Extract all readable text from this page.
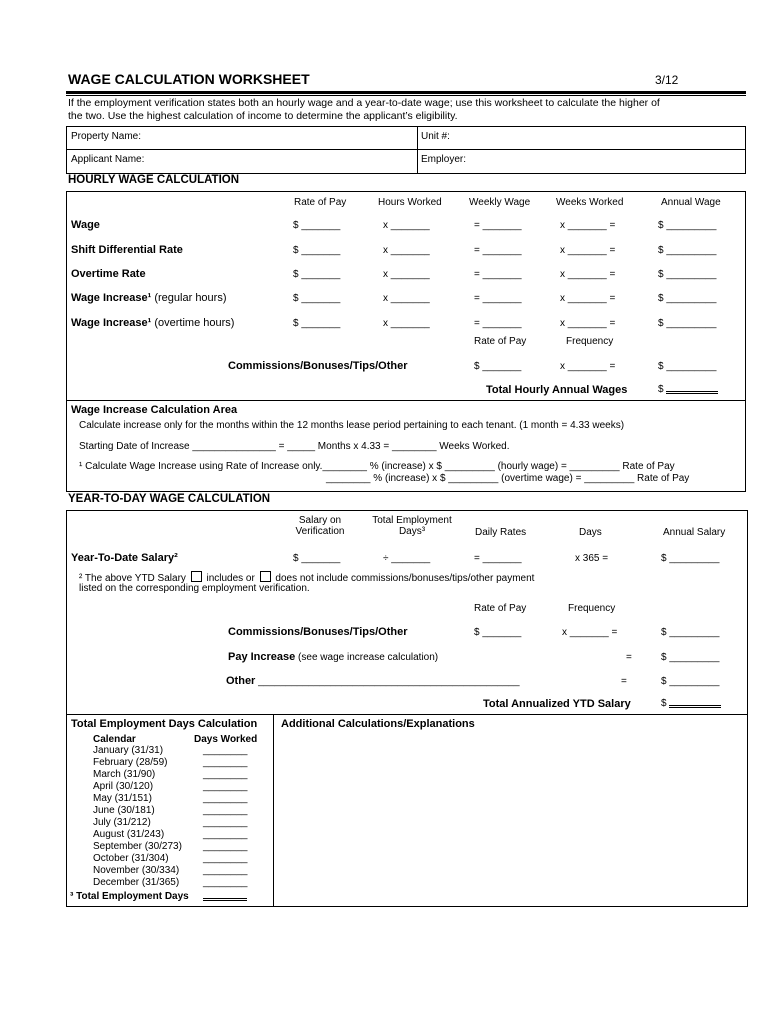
WAGE CALCULATION WORKSHEET	3/12
If the employment verification states both an hourly wage and a year-to-date wage; use this worksheet to calculate the higher of
the two. Use the highest calculation of income to determine the applicant’s eligibility.
Property Name:	Unit #:
Applicant Name:	Employer:
HOURLY WAGE CALCULATION
Rate of Pay	Hours Worked	Weekly Wage	Weeks Worked	Annual Wage
Wage	$ _______	x _______	= _______	x _______ =	$ _________
Shift Differential Rate	$ _______	x _______	= _______	x _______ =	$ _________
Overtime Rate	$ _______	x _______	= _______	x _______ =	$ _________
Wage Increase¹ (regular hours)	$ _______	x _______	= _______	x _______ =	$ _________
Wage Increase¹ (overtime hours)	$ _______	x _______	= _______	x _______ =	$ _________
Rate of Pay	Frequency
Commissions/Bonuses/Tips/Other	$ _______	x _______ =	$ _________
Total Hourly Annual Wages	$
Wage Increase Calculation Area
Calculate increase only for the months within the 12 months lease period pertaining to each tenant. (1 month = 4.33 weeks)
Starting Date of Increase _______________ = _____ Months x 4.33 = ________ Weeks Worked.
¹ Calculate Wage Increase using Rate of Increase only.________ % (increase) x $ _________ (hourly wage) = _________ Rate of Pay
________ % (increase) x $ _________ (overtime wage) = _________ Rate of Pay
YEAR-TO-DAY WAGE CALCULATION
Salary on
Verification
Total Employment
Days³	Daily Rates	Days	Annual Salary
Year-To-Date Salary²	$ _______	÷ _______	= _______	x 365 =	$ _________
² The above YTD Salary includes or does not include commissions/bonuses/tips/other payment
listed on the corresponding employment verification.
Rate of Pay	Frequency
Commissions/Bonuses/Tips/Other	$ _______	x _______ =	$ _________
Pay Increase (see wage increase calculation)	=	$ _________
Other _______________________________________________	=	$ _________
Total Annualized YTD Salary	$
Total Employment Days Calculation Additional Calculations/Explanations
Calendar	Days Worked
January (31/31)	________
February (28/59)	________
March (31/90)	________
April (30/120)	________
May (31/151)	________
June (30/181)	________
July (31/212)	________
August (31/243)	________
September (30/273) ________
October (31/304)	________
November (30/334) ________
December (31/365) ________
³ Total Employment Days
